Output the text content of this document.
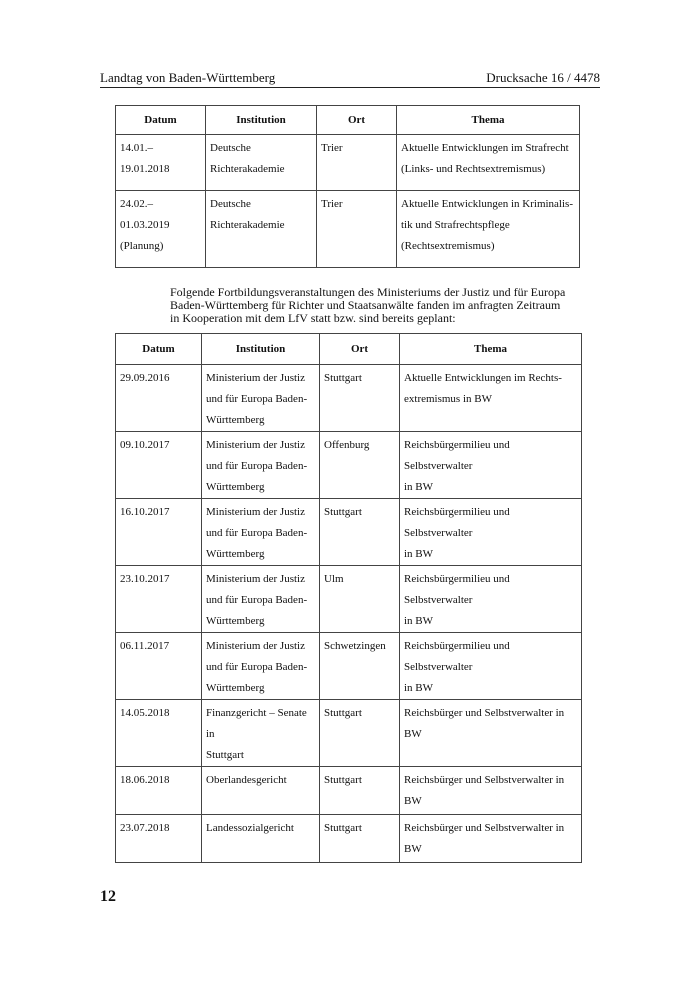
Landtag von Baden-Württemberg	Drucksache 16 / 4478
Datum	Institution	Ort	Thema

14.01.–
19.01.2018	Deutsche
Richterakademie	Trier	Aktuelle Entwicklungen im Strafrecht
(Links- und Rechtsextremismus)

24.02.–
01.03.2019
(Planung)	Deutsche
Richterakademie	Trier	Aktuelle Entwicklungen in Kriminalis-
tik und Strafrechtspflege
(Rechtsextremismus)
Folgende Fortbildungsveranstaltungen des Ministeriums der Justiz und für Europa
Baden-Württemberg für Richter und Staatsanwälte fanden im anfragten Zeitraum
in Kooperation mit dem LfV statt bzw. sind bereits geplant:
Datum	Institution	Ort	Thema

29.09.2016	Ministerium der Justiz
und für Europa Baden-
Württemberg	Stuttgart	Aktuelle Entwicklungen im Rechts-
extremismus in BW

09.10.2017	Ministerium der Justiz
und für Europa Baden-
Württemberg	Offenburg	Reichsbürgermilieu und Selbstverwalter
in BW

16.10.2017	Ministerium der Justiz
und für Europa Baden-
Württemberg	Stuttgart	Reichsbürgermilieu und Selbstverwalter
in BW

23.10.2017	Ministerium der Justiz
und für Europa Baden-
Württemberg	Ulm	Reichsbürgermilieu und Selbstverwalter
in BW

06.11.2017	Ministerium der Justiz
und für Europa Baden-
Württemberg	Schwetzingen	Reichsbürgermilieu und Selbstverwalter
in BW

14.05.2018	Finanzgericht – Senate in
Stuttgart	Stuttgart	Reichsbürger und Selbstverwalter in
BW

18.06.2018	Oberlandesgericht	Stuttgart	Reichsbürger und Selbstverwalter in
BW

23.07.2018	Landessozialgericht	Stuttgart	Reichsbürger und Selbstverwalter in
BW
12
